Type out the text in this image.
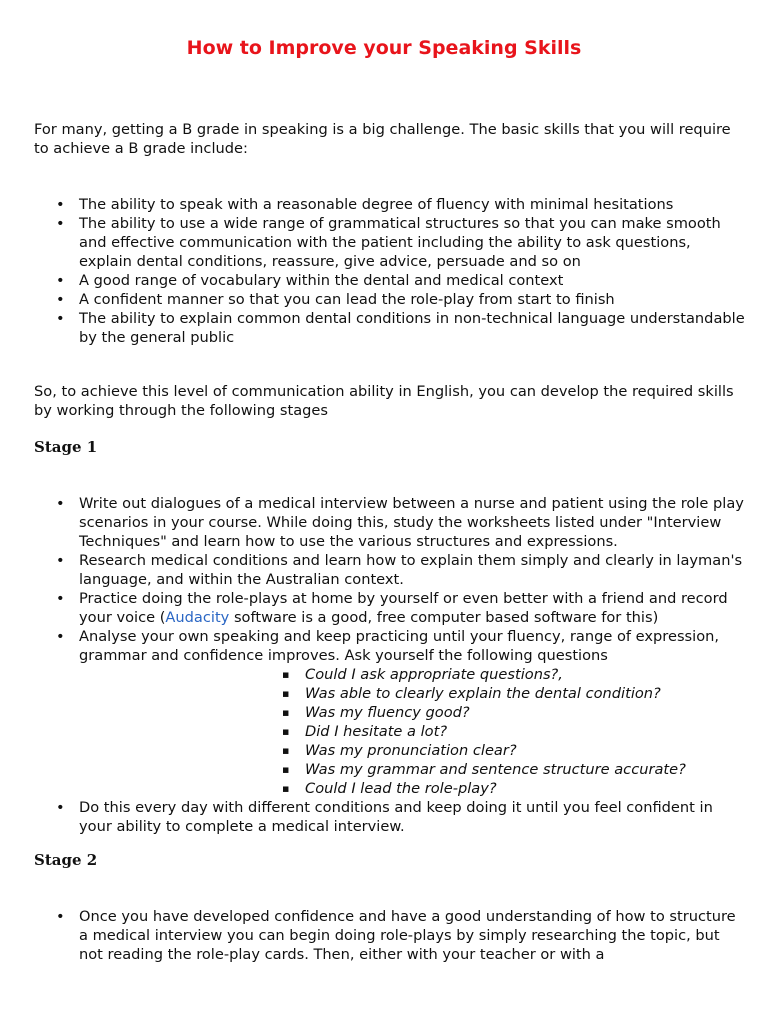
How to Improve your Speaking Skills

For many, getting a B grade in speaking is a big challenge. The basic skills that you will require to achieve a B grade include:

• The ability to speak with a reasonable degree of fluency with minimal hesitations
• The ability to use a wide range of grammatical structures so that you can make smooth and effective communication with the patient including the ability to ask questions, explain dental conditions, reassure, give advice, persuade and so on
• A good range of vocabulary within the dental and medical context
• A confident manner so that you can lead the role-play from start to finish
• The ability to explain common dental conditions in non-technical language understandable by the general public

So, to achieve this level of communication ability in English, you can develop the required skills by working through the following stages

Stage 1
• Write out dialogues of a medical interview between a nurse and patient using the role play scenarios in your course. While doing this, study the worksheets listed under "Interview Techniques" and learn how to use the various structures and expressions.
• Research medical conditions and learn how to explain them simply and clearly in layman's language, and within the Australian context.
• Practice doing the role-plays at home by yourself or even better with a friend and record your voice (Audacity software is a good, free computer based software for this)
• Analyse your own speaking and keep practicing until your fluency, range of expression, grammar and confidence improves. Ask yourself the following questions
▪ Could I ask appropriate questions?,
▪ Was able to clearly explain the dental condition?
▪ Was my fluency good?
▪ Did I hesitate a lot?
▪ Was my pronunciation clear?
▪ Was my grammar and sentence structure accurate?
▪ Could I lead the role-play?
• Do this every day with different conditions and keep doing it until you feel confident in your ability to complete a medical interview.
Stage 2
• Once you have developed confidence and have a good understanding of how to structure a medical interview you can begin doing role-plays by simply researching the topic, but not reading the role-play cards. Then, either with your teacher or with a
